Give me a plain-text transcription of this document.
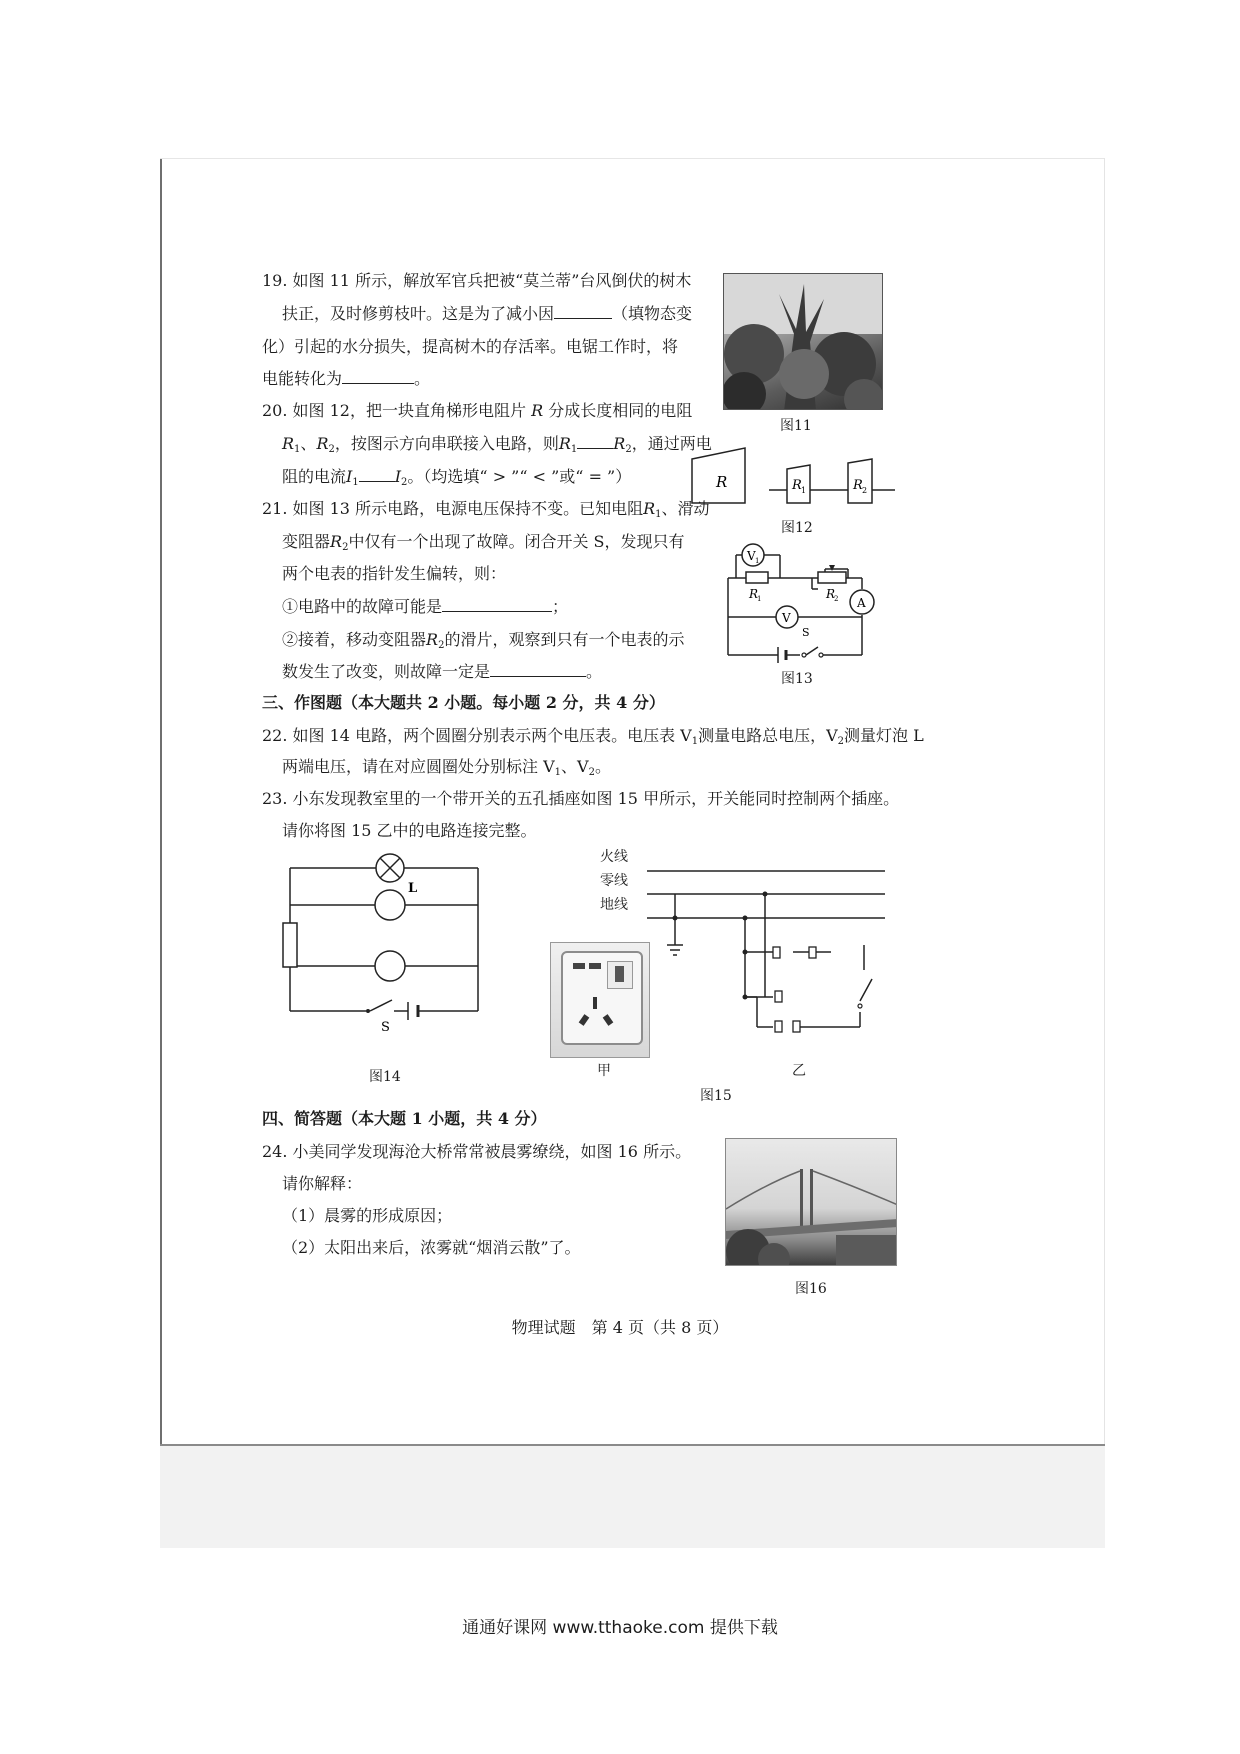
19. 如图 11 所示，解放军官兵把被“莫兰蒂”台风倒伏的树木
扶正，及时修剪枝叶。这是为了减小因	（填物态变
化）引起的水分损失，提高树木的存活率。电锯工作时，将
电能转化为	。
图11
20. 如图 12，把一块直角梯形电阻片 R 分成长度相同的电阻
$R_1$、$R_2$，按图示方向串联接入电路，则$R_1$ $R_2$，通过两电
阻的电流$I_1$ $I_2$。（均选填“ > ”“ < ”或“ = ”）	R	R 1	R 2
图12
21. 如图 13 所示电路，电源电压保持不变。已知电阻$R_1$、滑动
变阻器$R_2$中仅有一个出现了故障。闭合开关 S，发现只有
两个电表的指针发生偏转，则：
①电路中的故障可能是	；
②接着，移动变阻器$R_2$的滑片，观察到只有一个电表的示
数发生了改变，则故障一定是	。
V 1
A
V
R
1	R
2
S
图13
三、作图题（本大题共 2 小题。每小题 2 分，共 4 分）
22. 如图 14 电路，两个圆圈分别表示两个电压表。电压表 $V_1$测量电路总电压，$V_2$测量灯泡 L
两端电压，请在对应圆圈处分别标注 $V_1$、$V_2$。
23. 小东发现教室里的一个带开关的五孔插座如图 15 甲所示，开关能同时控制两个插座。
请你将图 15 乙中的电路连接完整。
L
S
图14	甲
火线
零线
地线
乙
图15
四、简答题（本大题 1 小题，共 4 分）
24. 小美同学发现海沧大桥常常被晨雾缭绕，如图 16 所示。
请你解释：
（1）晨雾的形成原因；
（2）太阳出来后，浓雾就“烟消云散”了。
图16
物理试题　第 4 页（共 8 页）
通通好课网 www.tthaoke.com 提供下载
